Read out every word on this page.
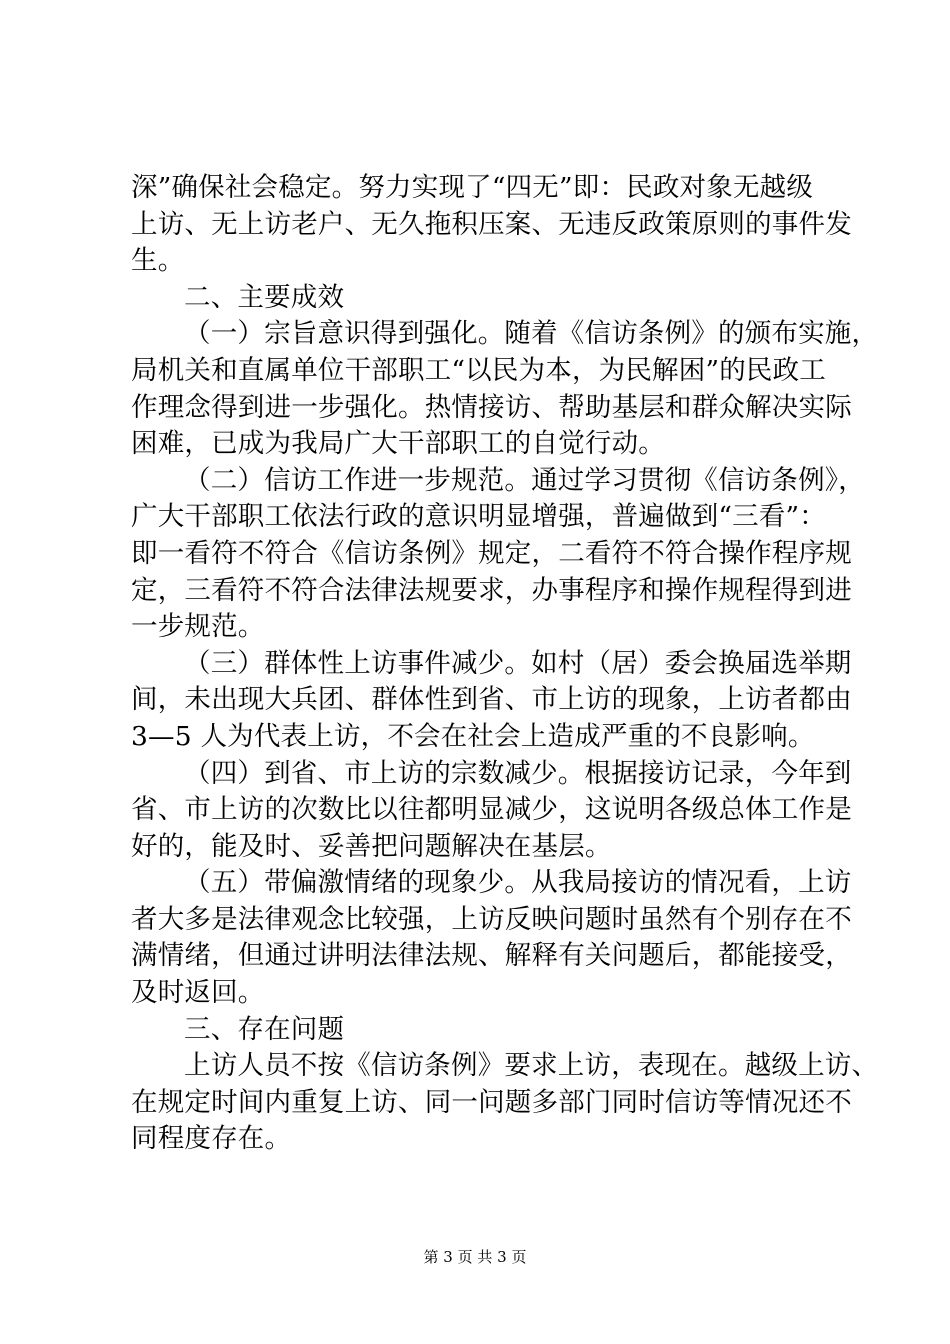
深”确保社会稳定。努力实现了“四无”即：民政对象无越级
上访、无上访老户、无久拖积压案、无违反政策原则的事件发
生。
二、主要成效
（一）宗旨意识得到强化。随着《信访条例》的颁布实施，
局机关和直属单位干部职工“以民为本，为民解困”的民政工
作理念得到进一步强化。热情接访、帮助基层和群众解决实际
困难，已成为我局广大干部职工的自觉行动。
（二）信访工作进一步规范。通过学习贯彻《信访条例》，
广大干部职工依法行政的意识明显增强，普遍做到“三看”：
即一看符不符合《信访条例》规定，二看符不符合操作程序规
定，三看符不符合法律法规要求，办事程序和操作规程得到进
一步规范。
（三）群体性上访事件减少。如村（居）委会换届选举期
间，未出现大兵团、群体性到省、市上访的现象，上访者都由
3—5 人为代表上访，不会在社会上造成严重的不良影响。
（四）到省、市上访的宗数减少。根据接访记录，今年到
省、市上访的次数比以往都明显减少，这说明各级总体工作是
好的，能及时、妥善把问题解决在基层。
（五）带偏激情绪的现象少。从我局接访的情况看，上访
者大多是法律观念比较强，上访反映问题时虽然有个别存在不
满情绪，但通过讲明法律法规、解释有关问题后，都能接受，
及时返回。
三、存在问题
上访人员不按《信访条例》要求上访，表现在。越级上访、
在规定时间内重复上访、同一问题多部门同时信访等情况还不
同程度存在。
第 3 页 共 3 页
